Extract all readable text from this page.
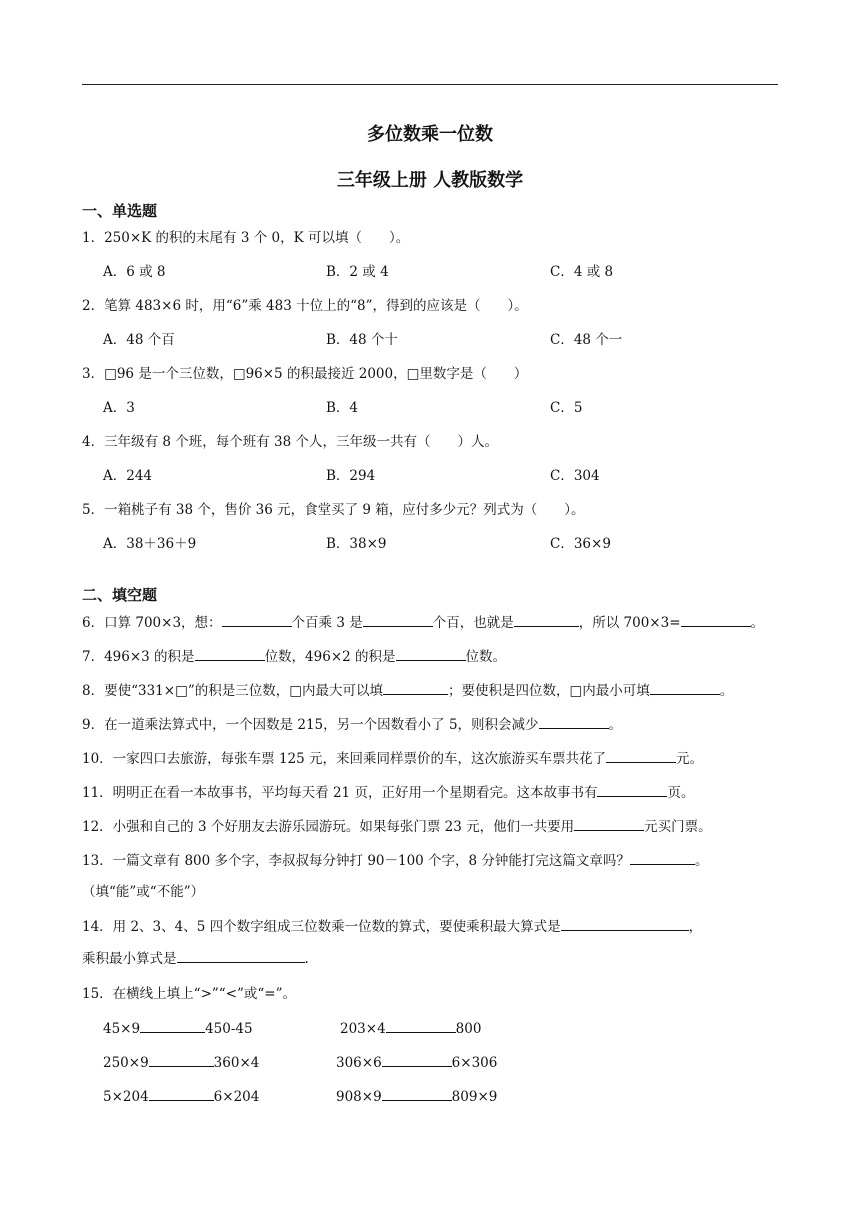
多位数乘一位数
三年级上册 人教版数学
一、单选题
1．250×K 的积的末尾有 3 个 0，K 可以填（　　）。
A．6 或 8	B．2 或 4	C．4 或 8
2．笔算 483×6 时，用“6”乘 483 十位上的“8”，得到的应该是（　　）。
A．48 个百	B．48 个十	C．48 个一
3．□96 是一个三位数，□96×5 的积最接近 2000，□里数字是（　　）
A．3	B．4	C．5
4．三年级有 8 个班，每个班有 38 个人，三年级一共有（　　）人。
A．244	B．294	C．304
5．一箱桃子有 38 个，售价 36 元，食堂买了 9 箱，应付多少元？列式为（　　）。
A．38＋36＋9	B．38×9	C．36×9
二、填空题
6．口算 700×3，想：	个百乘 3 是	个百，也就是	，所以 700×3=	。
7．496×3 的积是	位数，496×2 的积是	位数。
8．要使“331×□”的积是三位数，□内最大可以填	；要使积是四位数，□内最小可填	。
9．在一道乘法算式中，一个因数是 215，另一个因数看小了 5，则积会减少	。
10．一家四口去旅游，每张车票 125 元，来回乘同样票价的车，这次旅游买车票共花了	元。
11．明明正在看一本故事书，平均每天看 21 页，正好用一个星期看完。这本故事书有	页。
12．小强和自己的 3 个好朋友去游乐园游玩。如果每张门票 23 元，他们一共要用	元买门票。
13．一篇文章有 800 多个字，李叔叔每分钟打 90－100 个字，8 分钟能打完这篇文章吗？	。
（填“能”或“不能”）
14．用 2、3、4、5 四个数字组成三位数乘一位数的算式，要使乘积最大算式是	，
乘积最小算式是	.
15．在横线上填上“>”“<”或“=”。
45×9	450-45	203×4	800
250×9	360×4	306×6	6×306
5×204	6×204	908×9	809×9
